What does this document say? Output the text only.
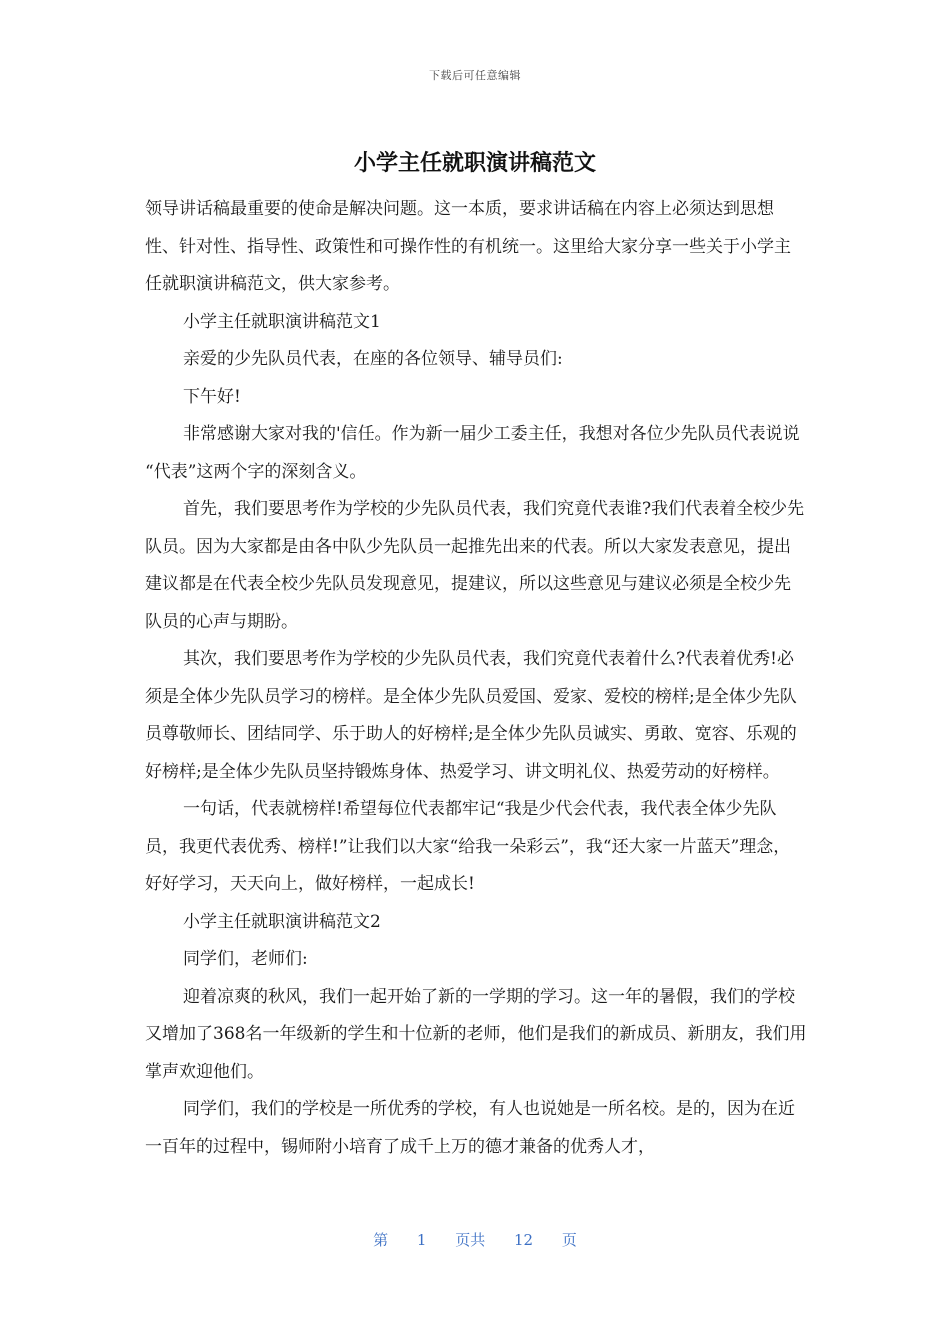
下载后可任意编辑
小学主任就职演讲稿范文

领导讲话稿最重要的使命是解决问题。这一本质，要求讲话稿在内容上必须达到思想性、针对性、指导性、政策性和可操作性的有机统一。这里给大家分享一些关于小学主任就职演讲稿范文，供大家参考。

小学主任就职演讲稿范文1

亲爱的少先队员代表，在座的各位领导、辅导员们:

下午好!

非常感谢大家对我的'信任。作为新一届少工委主任，我想对各位少先队员代表说说 “代表”这两个字的深刻含义。

首先，我们要思考作为学校的少先队员代表，我们究竟代表谁?我们代表着全校少先队员。因为大家都是由各中队少先队员一起推先出来的代表。所以大家发表意见，提出建议都是在代表全校少先队员发现意见，提建议，所以这些意见与建议必须是全校少先队员的心声与期盼。

其次，我们要思考作为学校的少先队员代表，我们究竟代表着什么?代表着优秀!必须是全体少先队员学习的榜样。是全体少先队员爱国、爱家、爱校的榜样;是全体少先队员尊敬师长、团结同学、乐于助人的好榜样;是全体少先队员诚实、勇敢、宽容、乐观的好榜样;是全体少先队员坚持锻炼身体、热爱学习、讲文明礼仪、热爱劳动的好榜样。

一句话，代表就榜样!希望每位代表都牢记“我是少代会代表，我代表全体少先队员，我更代表优秀、榜样!”让我们以大家“给我一朵彩云”，我“还大家一片蓝天”理念，好好学习，天天向上，做好榜样，一起成长!

小学主任就职演讲稿范文2

同学们，老师们:

迎着凉爽的秋风，我们一起开始了新的一学期的学习。这一年的暑假，我们的学校又增加了368名一年级新的学生和十位新的老师，他们是我们的新成员、新朋友，我们用掌声欢迎他们。

同学们，我们的学校是一所优秀的学校，有人也说她是一所名校。是的，因为在近一百年的过程中，锡师附小培育了成千上万的德才兼备的优秀人才，

第 1 页共 12 页
